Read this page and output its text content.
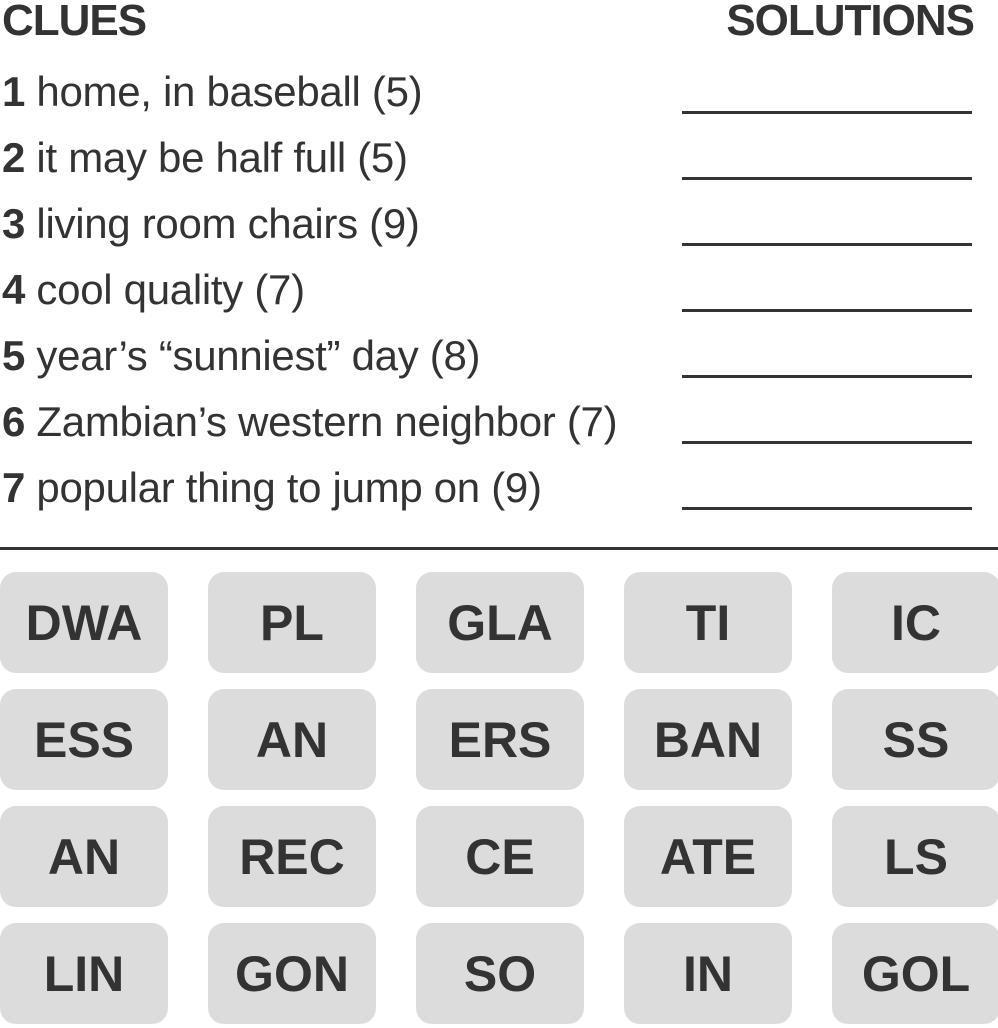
CLUES	SOLUTIONS
1 home, in baseball (5)
2 it may be half full (5)
3 living room chairs (9)
4 cool quality (7)
5 year’s “sunniest” day (8)
6 Zambian’s western neighbor (7)
7 popular thing to jump on (9)
DWA	PL	GLA	TI	IC
ESS	AN	ERS	BAN	SS
AN	REC	CE	ATE	LS
LIN	GON	SO	IN	GOL
